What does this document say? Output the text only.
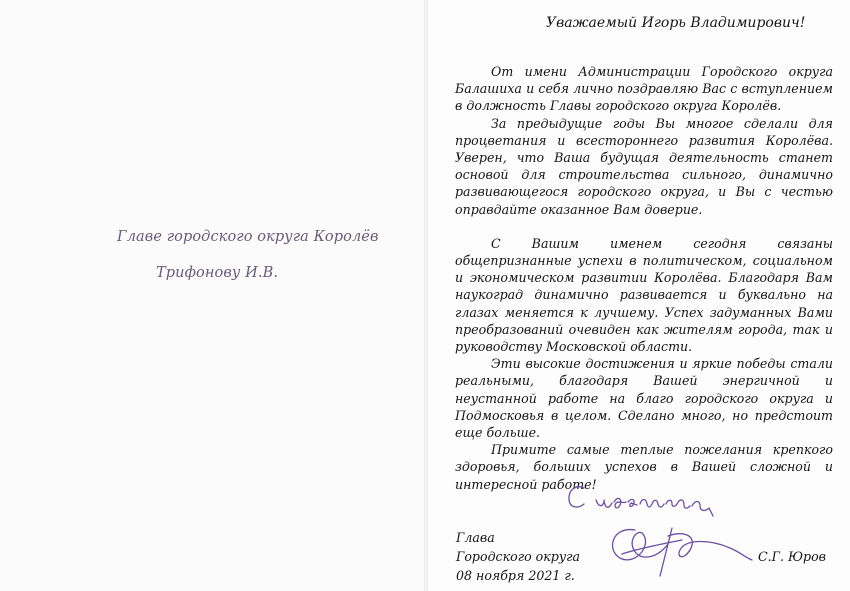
Главе городского округа Королёв
Трифонову И.В.
Уважаемый Игорь Владимирович!

От имени Администрации Городского округа Балашиха и себя лично поздравляю Вас с вступлением в должность Главы городского округа Королёв.

За предыдущие годы Вы многое сделали для процветания и всестороннего развития Королёва. Уверен, что Ваша будущая деятельность станет основой для строительства сильного, динамично развивающегося городского округа, и Вы с честью оправдайте оказанное Вам доверие.

С Вашим именем сегодня связаны общепризнанные успехи в политическом, социальном и экономическом развитии Королёва. Благодаря Вам наукоград динамично развивается и буквально на глазах меняется к лучшему. Успех задуманных Вами преобразований очевиден как жителям города, так и руководству Московской области.

Эти высокие достижения и яркие победы стали реальными, благодаря Вашей энергичной и неустанной работе на благо городского округа и Подмосковья в целом. Сделано много, но предстоит еще больше.

Примите самые теплые пожелания крепкого здоровья, больших успехов в Вашей сложной и интересной работе!

Глава
Городского округа
08 ноября 2021 г.
С.Г. Юров
